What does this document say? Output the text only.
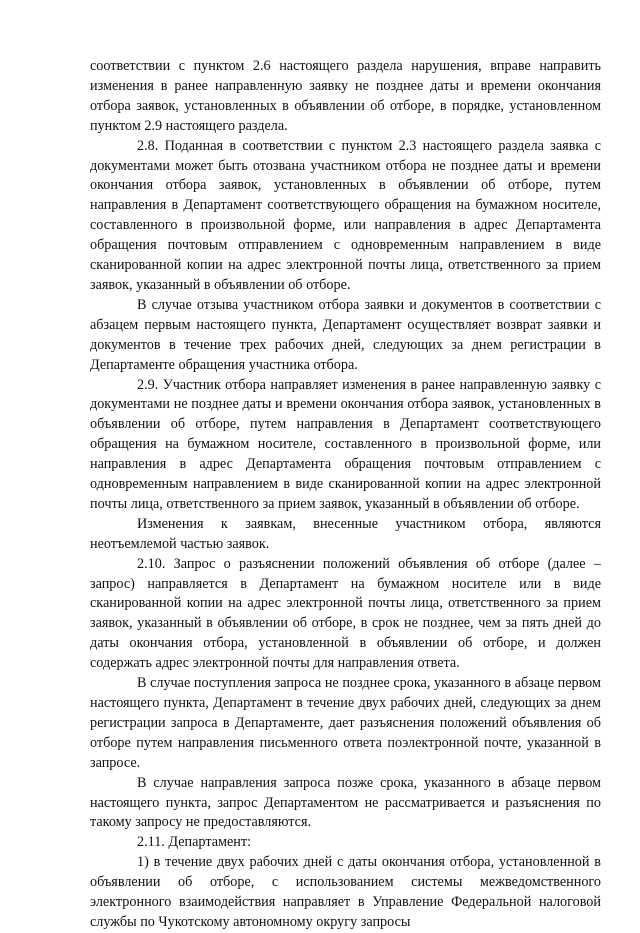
соответствии с пунктом 2.6 настоящего раздела нарушения, вправе направить изменения в ранее направленную заявку не позднее даты и времени окончания отбора заявок, установленных в объявлении об отборе, в порядке, установленном пунктом 2.9 настоящего раздела.

2.8. Поданная в соответствии с пунктом 2.3 настоящего раздела заявка с документами может быть отозвана участником отбора не позднее даты и времени окончания отбора заявок, установленных в объявлении об отборе, путем направления в Департамент соответствующего обращения на бумажном носителе, составленного в произвольной форме, или направления в адрес Департамента обращения почтовым отправлением с одновременным направлением в виде сканированной копии на адрес электронной почты лица, ответственного за прием заявок, указанный в объявлении об отборе.

В случае отзыва участником отбора заявки и документов в соответствии с абзацем первым настоящего пункта, Департамент осуществляет возврат заявки и документов в течение трех рабочих дней, следующих за днем регистрации в Департаменте обращения участника отбора.

2.9. Участник отбора направляет изменения в ранее направленную заявку с документами не позднее даты и времени окончания отбора заявок, установленных в объявлении об отборе, путем направления в Департамент соответствующего обращения на бумажном носителе, составленного в произвольной форме, или направления в адрес Департамента обращения почтовым отправлением с одновременным направлением в виде сканированной копии на адрес электронной почты лица, ответственного за прием заявок, указанный в объявлении об отборе.

Изменения к заявкам, внесенные участником отбора, являются неотъемлемой частью заявок.

2.10. Запрос о разъяснении положений объявления об отборе (далее – запрос) направляется в Департамент на бумажном носителе или в виде сканированной копии на адрес электронной почты лица, ответственного за прием заявок, указанный в объявлении об отборе, в срок не позднее, чем за пять дней до даты окончания отбора, установленной в объявлении об отборе, и должен содержать адрес электронной почты для направления ответа.

В случае поступления запроса не позднее срока, указанного в абзаце первом настоящего пункта, Департамент в течение двух рабочих дней, следующих за днем регистрации запроса в Департаменте, дает разъяснения положений объявления об отборе путем направления письменного ответа поэлектронной почте, указанной в запросе.

В случае направления запроса позже срока, указанного в абзаце первом настоящего пункта, запрос Департаментом не рассматривается и разъяснения по такому запросу не предоставляются.

2.11. Департамент:

1) в течение двух рабочих дней с даты окончания отбора, установленной в объявлении об отборе, с использованием системы межведомственного электронного взаимодействия направляет в Управление Федеральной налоговой службы по Чукотскому автономному округу запросы
